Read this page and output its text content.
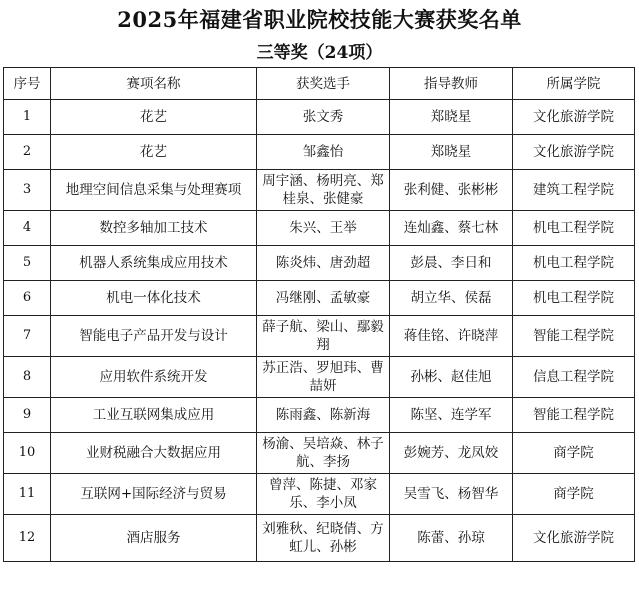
2025年福建省职业院校技能大赛获奖名单
三等奖（24项）
序号	赛项名称	获奖选手	指导教师	所属学院
1	花艺	张文秀	郑晓星	文化旅游学院
2	花艺	邹鑫怡	郑晓星	文化旅游学院
3	地理空间信息采集与处理赛项	周宇涵、杨明亮、郑桂泉、张健豪	张利健、张彬彬	建筑工程学院
4	数控多轴加工技术	朱兴、王举	连灿鑫、蔡七林	机电工程学院
5	机器人系统集成应用技术	陈炎炜、唐劲超	彭晨、李日和	机电工程学院
6	机电一体化技术	冯继刚、孟敏豪	胡立华、侯磊	机电工程学院
7	智能电子产品开发与设计	薛子航、梁山、鄢毅翔	蒋佳铭、许晓萍	智能工程学院
8	应用软件系统开发	苏正浩、罗旭玮、曹喆妍	孙彬、赵佳旭	信息工程学院
9	工业互联网集成应用	陈雨鑫、陈新海	陈坚、连学军	智能工程学院
10	业财税融合大数据应用	杨渝、吴培焱、林子航、李扬	彭婉芳、龙凤姣	商学院
11	互联网+国际经济与贸易	曾萍、陈捷、邓家乐、李小凤	吴雪飞、杨智华	商学院
12	酒店服务	刘雅秋、纪晓倩、方虹儿、孙彬	陈蕾、孙琼	文化旅游学院
